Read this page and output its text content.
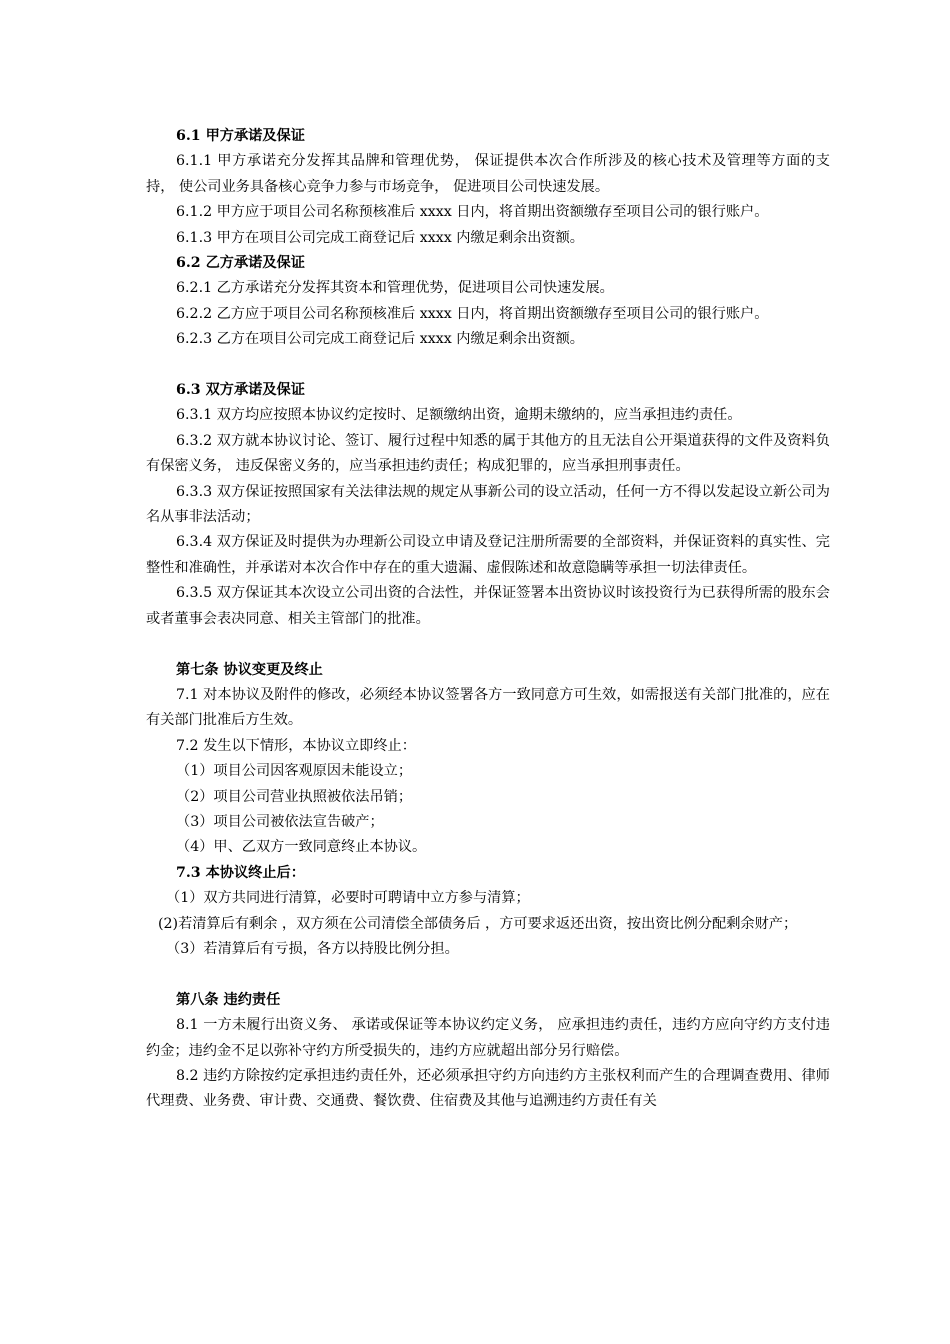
6.1 甲方承诺及保证

6.1.1 甲方承诺充分发挥其品牌和管理优势， 保证提供本次合作所涉及的核心技术及管理等方面的支持， 使公司业务具备核心竞争力参与市场竞争， 促进项目公司快速发展。

6.1.2 甲方应于项目公司名称预核准后 xxxx 日内，将首期出资额缴存至项目公司的银行账户。

6.1.3 甲方在项目公司完成工商登记后 xxxx 内缴足剩余出资额。

6.2 乙方承诺及保证

6.2.1 乙方承诺充分发挥其资本和管理优势，促进项目公司快速发展。

6.2.2 乙方应于项目公司名称预核准后 xxxx 日内，将首期出资额缴存至项目公司的银行账户。

6.2.3 乙方在项目公司完成工商登记后 xxxx 内缴足剩余出资额。

6.3 双方承诺及保证

6.3.1 双方均应按照本协议约定按时、足额缴纳出资，逾期未缴纳的，应当承担违约责任。

6.3.2 双方就本协议讨论、签订、履行过程中知悉的属于其他方的且无法自公开渠道获得的文件及资料负有保密义务， 违反保密义务的，应当承担违约责任；构成犯罪的，应当承担刑事责任。

6.3.3 双方保证按照国家有关法律法规的规定从事新公司的设立活动，任何一方不得以发起设立新公司为名从事非法活动；

6.3.4 双方保证及时提供为办理新公司设立申请及登记注册所需要的全部资料，并保证资料的真实性、完整性和准确性，并承诺对本次合作中存在的重大遗漏、虚假陈述和故意隐瞒等承担一切法律责任。

6.3.5 双方保证其本次设立公司出资的合法性，并保证签署本出资协议时该投资行为已获得所需的股东会或者董事会表决同意、相关主管部门的批准。

第七条 协议变更及终止

7.1 对本协议及附件的修改，必须经本协议签署各方一致同意方可生效，如需报送有关部门批准的，应在有关部门批准后方生效。

7.2 发生以下情形，本协议立即终止：

（1）项目公司因客观原因未能设立；

（2）项目公司营业执照被依法吊销；

（3）项目公司被依法宣告破产；

（4）甲、乙双方一致同意终止本协议。

7.3 本协议终止后：

（1）双方共同进行清算，必要时可聘请中立方参与清算；

(2)若清算后有剩余 ，双方须在公司清偿全部债务后 ，方可要求返还出资，按出资比例分配剩余财产；

（3）若清算后有亏损，各方以持股比例分担。

第八条 违约责任

8.1 一方未履行出资义务、 承诺或保证等本协议约定义务， 应承担违约责任，违约方应向守约方支付违约金；违约金不足以弥补守约方所受损失的，违约方应就超出部分另行赔偿。

8.2 违约方除按约定承担违约责任外，还必须承担守约方向违约方主张权利而产生的合理调查费用、律师代理费、业务费、审计费、交通费、餐饮费、住宿费及其他与追溯违约方责任有关
